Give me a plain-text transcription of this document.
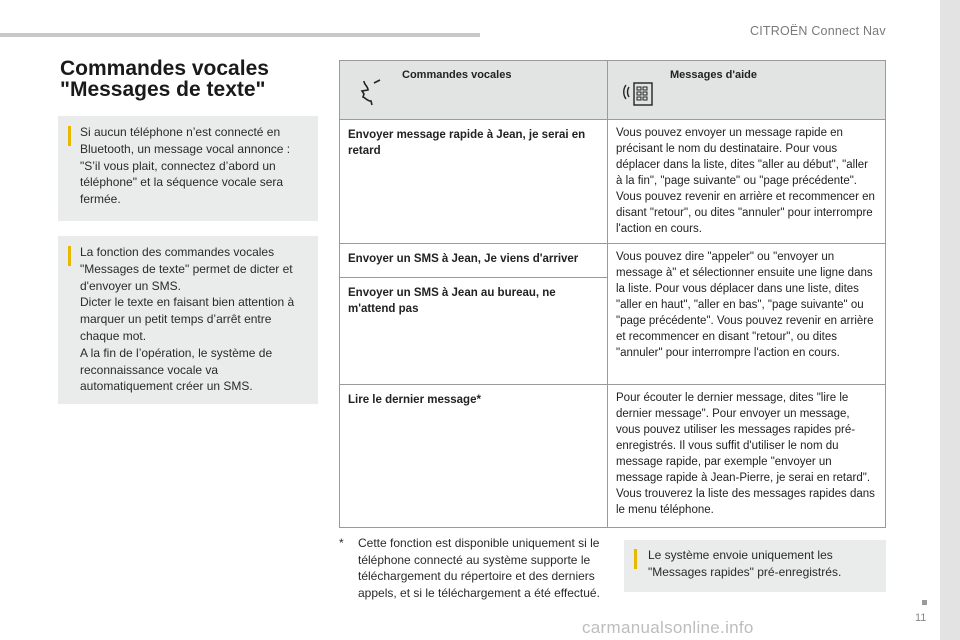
CITROËN Connect Nav
11
Commandes vocales
"Messages de texte"
Si aucun téléphone n’est connecté en Bluetooth, un message vocal annonce : "S’il vous plait, connectez d’abord un téléphone" et la séquence vocale sera fermée.
La fonction des commandes vocales "Messages de texte" permet de dicter et d'envoyer un SMS.
Dicter le texte en faisant bien attention à marquer un petit temps d’arrêt entre chaque mot.
A la fin de l’opération, le système de reconnaissance vocale va automatiquement créer un SMS.
Commandes vocales	Messages d'aide

Envoyer message rapide à Jean, je serai en retard	Vous pouvez envoyer un message rapide en précisant le nom du destinataire. Pour vous déplacer dans la liste, dites "aller au début", "aller à la fin", "page suivante" ou "page précédente". Vous pouvez revenir en arrière et recommencer en disant "retour", ou dites "annuler" pour interrompre l'action en cours.

Envoyer un SMS à Jean, Je viens d'arriver
Envoyer un SMS à Jean au bureau, ne m'attend pas	Vous pouvez dire "appeler" ou "envoyer un message à" et sélectionner ensuite une ligne dans la liste. Pour vous déplacer dans une liste, dites "aller en haut", "aller en bas", "page suivante" ou "page précédente". Vous pouvez revenir en arrière et recommencer en disant "retour", ou dites "annuler" pour interrompre l'action en cours.
Lire le dernier message*	Pour écouter le dernier message, dites "lire le dernier message". Pour envoyer un message, vous pouvez utiliser les messages rapides pré-enregistrés. Il vous suffit d'utiliser le nom du message rapide, par exemple "envoyer un message rapide à Jean-Pierre, je serai en retard". Vous trouverez la liste des messages rapides dans le menu téléphone.
* Cette fonction est disponible uniquement si le téléphone connecté au système supporte le téléchargement du répertoire et des derniers appels, et si le téléchargement a été effectué.
Le système envoie uniquement les "Messages rapides" pré-enregistrés.
carmanualsonline.info
